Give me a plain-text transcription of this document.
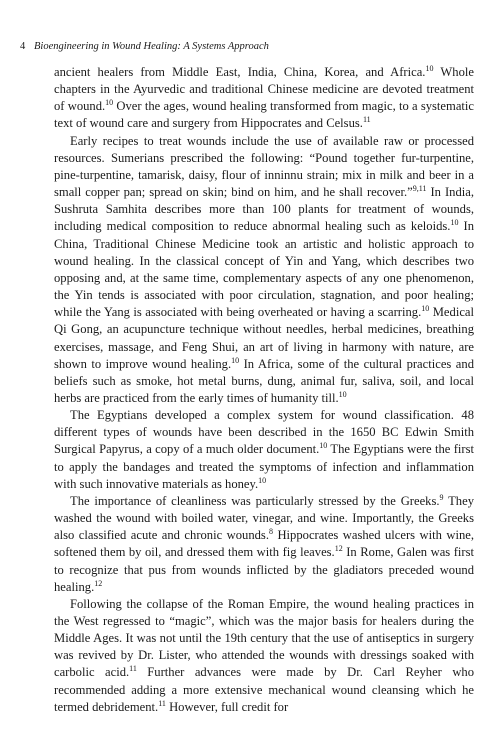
4 Bioengineering in Wound Healing: A Systems Approach

ancient healers from Middle East, India, China, Korea, and Africa.$^{10}$ Whole chapters in the Ayurvedic and traditional Chinese medicine are devoted treatment of wound.$^{10}$ Over the ages, wound healing transformed from magic, to a systematic text of wound care and surgery from Hippocrates and Celsus.$^{11}$

Early recipes to treat wounds include the use of available raw or processed resources. Sumerians prescribed the following: “Pound together fur-turpentine, pine-turpentine, tamarisk, daisy, flour of inninnu strain; mix in milk and beer in a small copper pan; spread on skin; bind on him, and he shall recover.”$^{9,11}$ In India, Sushruta Samhita describes more than 100 plants for treatment of wounds, including medical composition to reduce abnormal healing such as keloids.$^{10}$ In China, Traditional Chinese Medicine took an artistic and holistic approach to wound healing. In the classical concept of Yin and Yang, which describes two opposing and, at the same time, complementary aspects of any one phenomenon, the Yin tends is associated with poor circulation, stagnation, and poor healing; while the Yang is associated with being overheated or having a scarring.$^{10}$ Medical Qi Gong, an acupuncture technique without needles, herbal medicines, breathing exercises, massage, and Feng Shui, an art of living in harmony with nature, are shown to improve wound healing.$^{10}$ In Africa, some of the cultural practices and beliefs such as smoke, hot metal burns, dung, animal fur, saliva, soil, and local herbs are practiced from the early times of humanity till.$^{10}$

The Egyptians developed a complex system for wound classification. 48 different types of wounds have been described in the 1650 BC Edwin Smith Surgical Papyrus, a copy of a much older document.$^{10}$ The Egyptians were the first to apply the bandages and treated the symptoms of infection and inflammation with such innovative materials as honey.$^{10}$

The importance of cleanliness was particularly stressed by the Greeks.$^9$ They washed the wound with boiled water, vinegar, and wine. Importantly, the Greeks also classified acute and chronic wounds.$^8$ Hippocrates washed ulcers with wine, softened them by oil, and dressed them with fig leaves.$^{12}$ In Rome, Galen was first to recognize that pus from wounds inflicted by the gladiators preceded wound healing.$^{12}$

Following the collapse of the Roman Empire, the wound healing practices in the West regressed to “magic”, which was the major basis for healers during the Middle Ages. It was not until the 19th century that the use of antiseptics in surgery was revived by Dr. Lister, who attended the wounds with dressings soaked with carbolic acid.$^{11}$ Further advances were made by Dr. Carl Reyher who recommended adding a more extensive mechanical wound cleansing which he termed debridement.$^{11}$ However, full credit for
